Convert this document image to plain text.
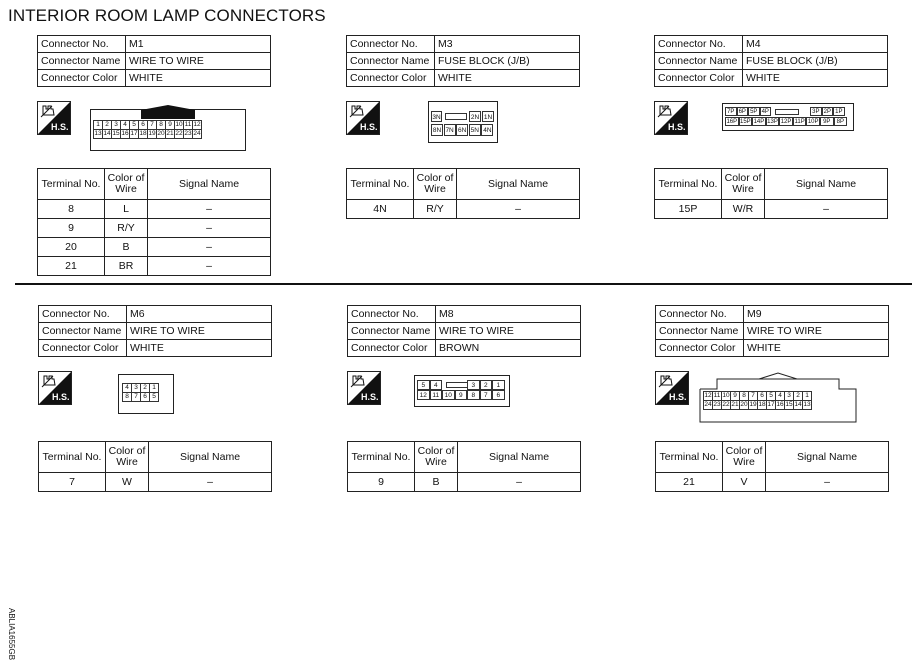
INTERIOR ROOM LAMP CONNECTORS
Connector No.	M1
Connector Name	WIRE TO WIRE
Connector Color	WHITE
H.S.	1	2	3	4	5	6	7	8	9	10	11	12
13	14	15	16	17	18	19	20	21	22	23	24
Terminal No.	Color of Wire	Signal Name
8	L	–
9	R/Y	–
20	B	–
21	BR	–
Connector No.	M3
Connector Name	FUSE BLOCK (J/B)
Connector Color	WHITE
H.S.
3N	2N 1N
8N 7N 6N 5N 4N
Terminal No.	Color of Wire	Signal Name
4N	R/Y	–
Connector No.	M4
Connector Name	FUSE BLOCK (J/B)
Connector Color	WHITE
H.S.
7P 6P 5P 4P	3P 2P 1P
16P 15P 14P 13P 12P 11P 10P 9P	8P
Terminal No.	Color of Wire	Signal Name
15P	W/R	–
Connector No.	M6
Connector Name	WIRE TO WIRE
Connector Color	WHITE
H.S.
4	3	2	1
8	7	6	5
Terminal No.	Color of Wire	Signal Name
7	W	–
Connector No.	M8
Connector Name	WIRE TO WIRE
Connector Color	BROWN
H.S.
5	4	3	2	1
12 11 10	9	8	7	6
Terminal No.	Color of Wire	Signal Name
9	B	–
Connector No.	M9
Connector Name	WIRE TO WIRE
Connector Color	WHITE
H.S.	12	11	10	9	8	7	6	5	4	3	2	1
24	23	22	21	20	19	18	17	16	15	14	13
Terminal No.	Color of Wire	Signal Name
21	V	–
ABLIA1655GB
